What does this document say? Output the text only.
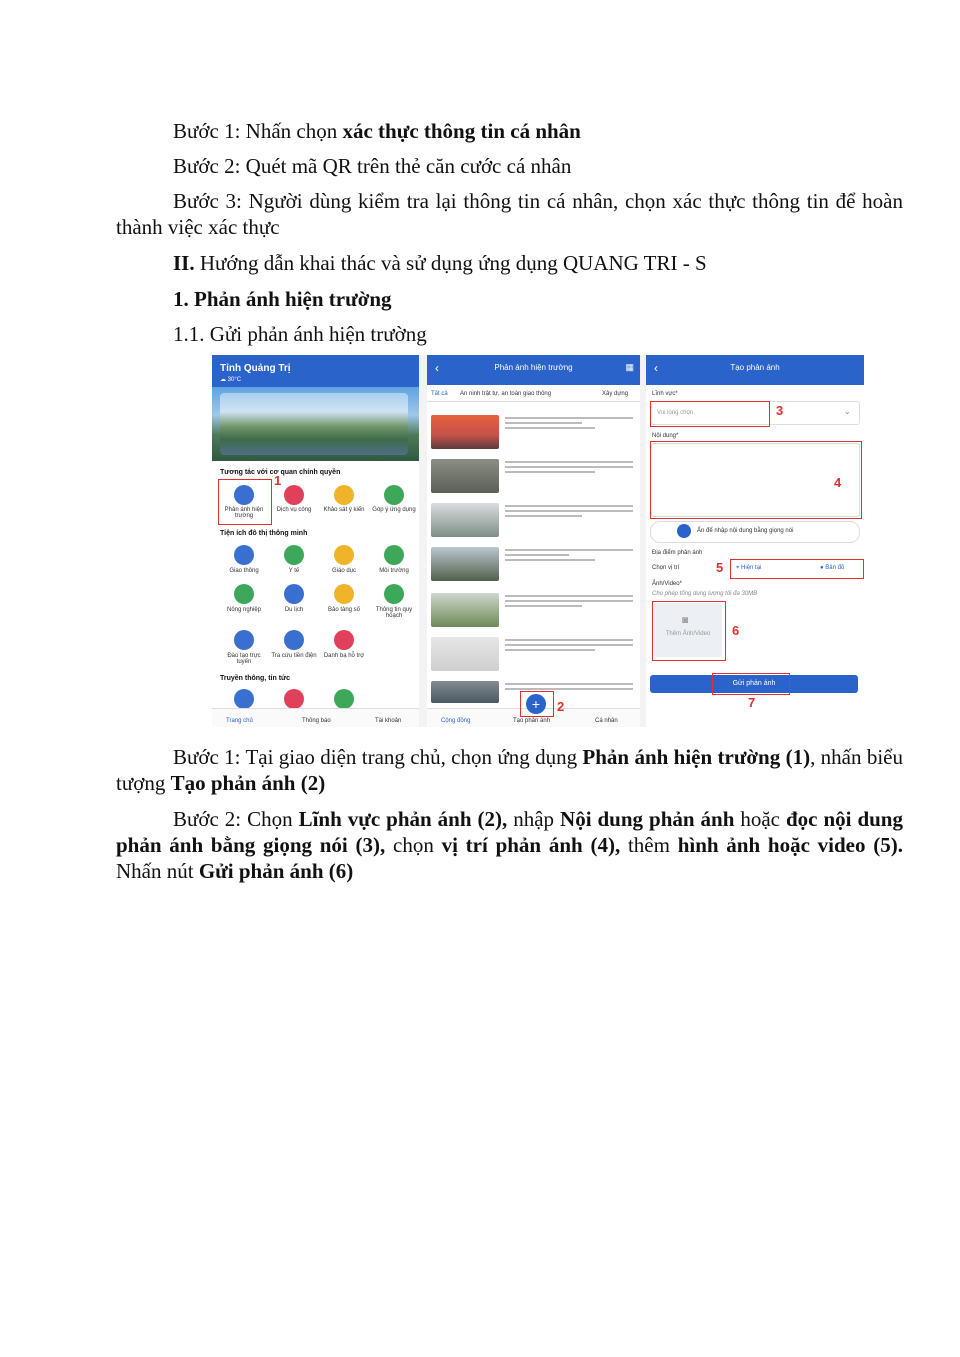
Bước 1: Nhấn chọn xác thực thông tin cá nhân
Bước 2: Quét mã QR trên thẻ căn cước cá nhân
Bước 3: Người dùng kiểm tra lại thông tin cá nhân, chọn xác thực thông tin để hoàn thành việc xác thực
II. Hướng dẫn khai thác và sử dụng ứng dụng QUANG TRI - S
1. Phản ánh hiện trường
1.1. Gửi phản ánh hiện trường
Tỉnh Quảng Trị
☁ 30°C
Tương tác với cơ quan chính quyền
Phản ánh hiện trường
Dịch vụ công	Khảo sát ý kiến	Góp ý ứng dụng
1
Tiện ích đô thị thông minh
Giao thông	Y tế	Giáo dục	Môi trường
Nông nghiệp	Du lịch	Bảo tàng số	Thông tin quy hoạch
Đào tạo trực tuyến
Tra cứu tiền điện	Danh bạ hỗ trợ
Truyền thông, tin tức
Trang chủ	Thông báo	Tài khoản
‹	Phản ánh hiện trường	▦
Tất cả An ninh trật tự, an toàn giao thông	Xây dựng
Cộng đồng	Tạo phản ánh	Cá nhân
+	2
‹	Tạo phản ánh
Lĩnh vực*
Vui lòng chọn	⌄
3
Nội dung*
4
Ấn để nhập nội dung bằng giọng nói
Địa điểm phản ánh
Chọn vị trí	5 ⌖ Hiện tại	● Bản đồ
Ảnh/Video*
Cho phép tổng dung lượng tối đa 30MB
◙
Thêm Ảnh/Video	6
Gửi phản ánh
7
Bước 1: Tại giao diện trang chủ, chọn ứng dụng Phản ánh hiện trường (1), nhấn biểu tượng Tạo phản ánh (2)
Bước 2: Chọn Lĩnh vực phản ánh (2), nhập Nội dung phản ánh hoặc đọc nội dung phản ánh bằng giọng nói (3), chọn vị trí phản ánh (4), thêm hình ảnh hoặc video (5). Nhấn nút Gửi phản ánh (6)
